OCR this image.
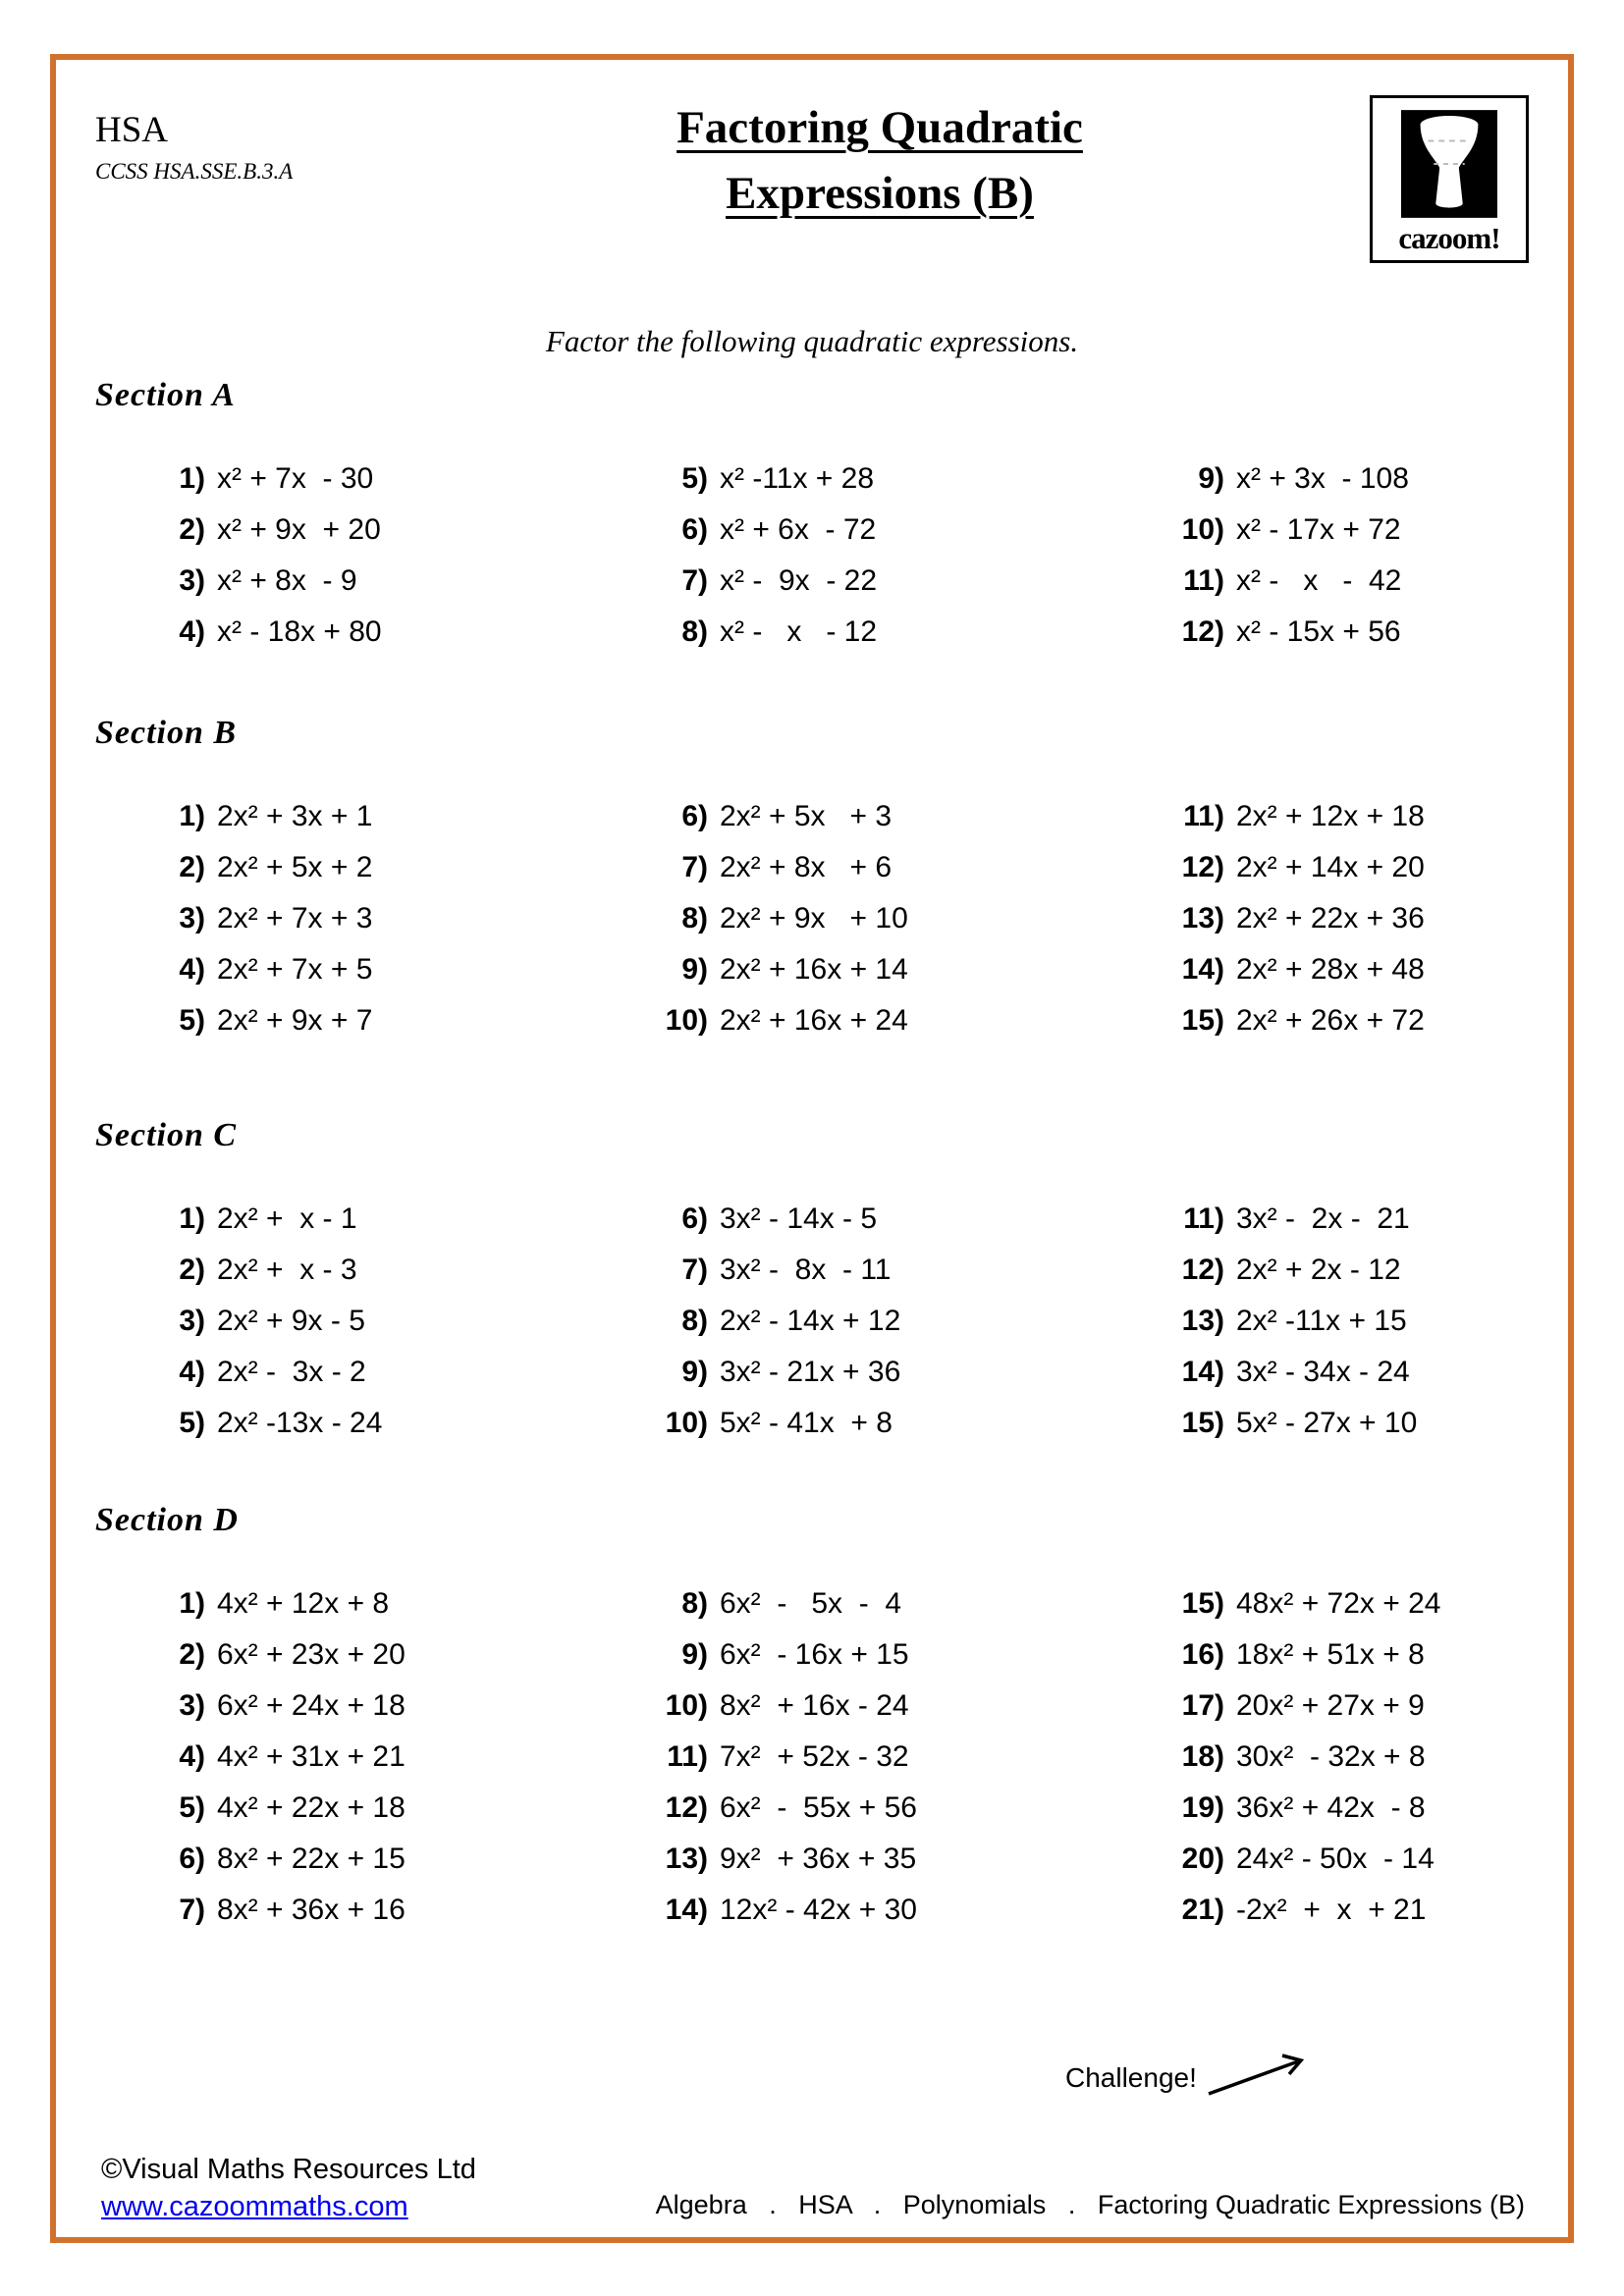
HSA
CCSS HSA.SSE.B.3.A
Factoring Quadratic
Expressions (B)
cazoom!
Factor the following quadratic expressions.
Section A
1) x² + 7x  - 30
2) x² + 9x  + 20
3) x² + 8x  - 9
4) x² - 18x + 80
5) x² -11x + 28
6) x² + 6x  - 72
7) x² -  9x  - 22
8) x² -   x   - 12
9) x² + 3x  - 108
10) x² - 17x + 72
11) x² -   x   -  42
12) x² - 15x + 56
Section B
1) 2x² + 3x + 1
2) 2x² + 5x + 2
3) 2x² + 7x + 3
4) 2x² + 7x + 5
5) 2x² + 9x + 7
6) 2x² + 5x   + 3
7) 2x² + 8x   + 6
8) 2x² + 9x   + 10
9) 2x² + 16x + 14
10) 2x² + 16x + 24
11) 2x² + 12x + 18
12) 2x² + 14x + 20
13) 2x² + 22x + 36
14) 2x² + 28x + 48
15) 2x² + 26x + 72
Section C
1) 2x² +  x - 1
2) 2x² +  x - 3
3) 2x² + 9x - 5
4) 2x² -  3x - 2
5) 2x² -13x - 24
6) 3x² - 14x - 5
7) 3x² -  8x  - 11
8) 2x² - 14x + 12
9) 3x² - 21x + 36
10) 5x² - 41x  + 8
11) 3x² -  2x -  21
12) 2x² + 2x - 12
13) 2x² -11x + 15
14) 3x² - 34x - 24
15) 5x² - 27x + 10
Section D
1) 4x² + 12x + 8
2) 6x² + 23x + 20
3) 6x² + 24x + 18
4) 4x² + 31x + 21
5) 4x² + 22x + 18
6) 8x² + 22x + 15
7) 8x² + 36x + 16
8) 6x²  -   5x  -  4
9) 6x²  - 16x + 15
10) 8x²  + 16x - 24
11) 7x²  + 52x - 32
12) 6x²  -  55x + 56
13) 9x²  + 36x + 35
14) 12x² - 42x + 30
15) 48x² + 72x + 24
16) 18x² + 51x + 8
17) 20x² + 27x + 9
18) 30x²  - 32x + 8
19) 36x² + 42x  - 8
20) 24x² - 50x  - 14
21) -2x²  +  x  + 21
Challenge!
©Visual Maths Resources Ltd
www.cazoommaths.com	Algebra   .   HSA   .   Polynomials   .   Factoring Quadratic Expressions (B)
